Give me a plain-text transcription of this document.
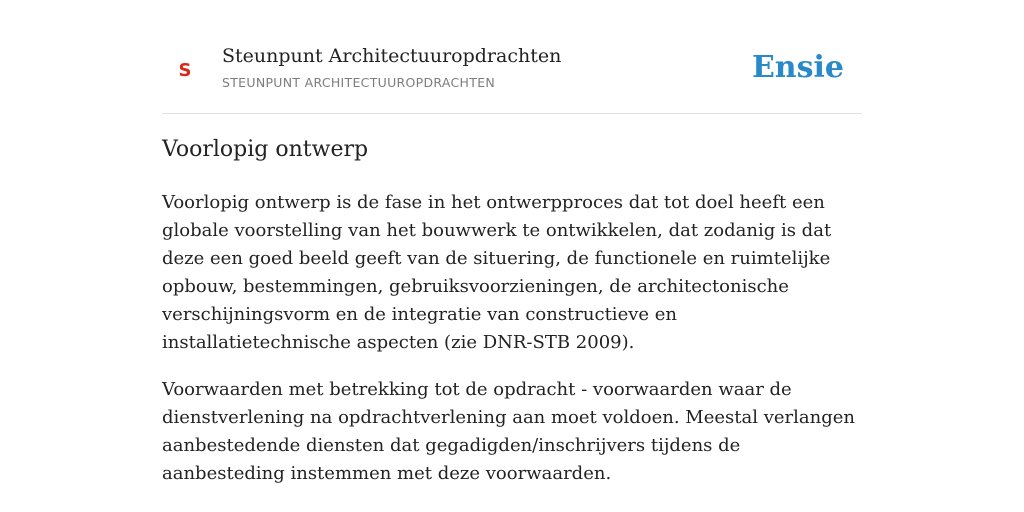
S
Steunpunt Architectuuropdrachten
STEUNPUNT ARCHITECTUUROPDRACHTEN	Ensie
Voorlopig ontwerp

Voorlopig ontwerp is de fase in het ontwerpproces dat tot doel heeft een globale voorstelling van het bouwwerk te ontwikkelen, dat zodanig is dat deze een goed beeld geeft van de situering, de functionele en ruimtelijke opbouw, bestemmingen, gebruiksvoorzieningen, de architectonische verschijningsvorm en de integratie van constructieve en installatietechnische aspecten (zie DNR-STB 2009).

Voorwaarden met betrekking tot de opdracht - voorwaarden waar de dienstverlening na opdrachtverlening aan moet voldoen. Meestal verlangen aanbestedende diensten dat gegadigden/inschrijvers tijdens de aanbesteding instemmen met deze voorwaarden.
